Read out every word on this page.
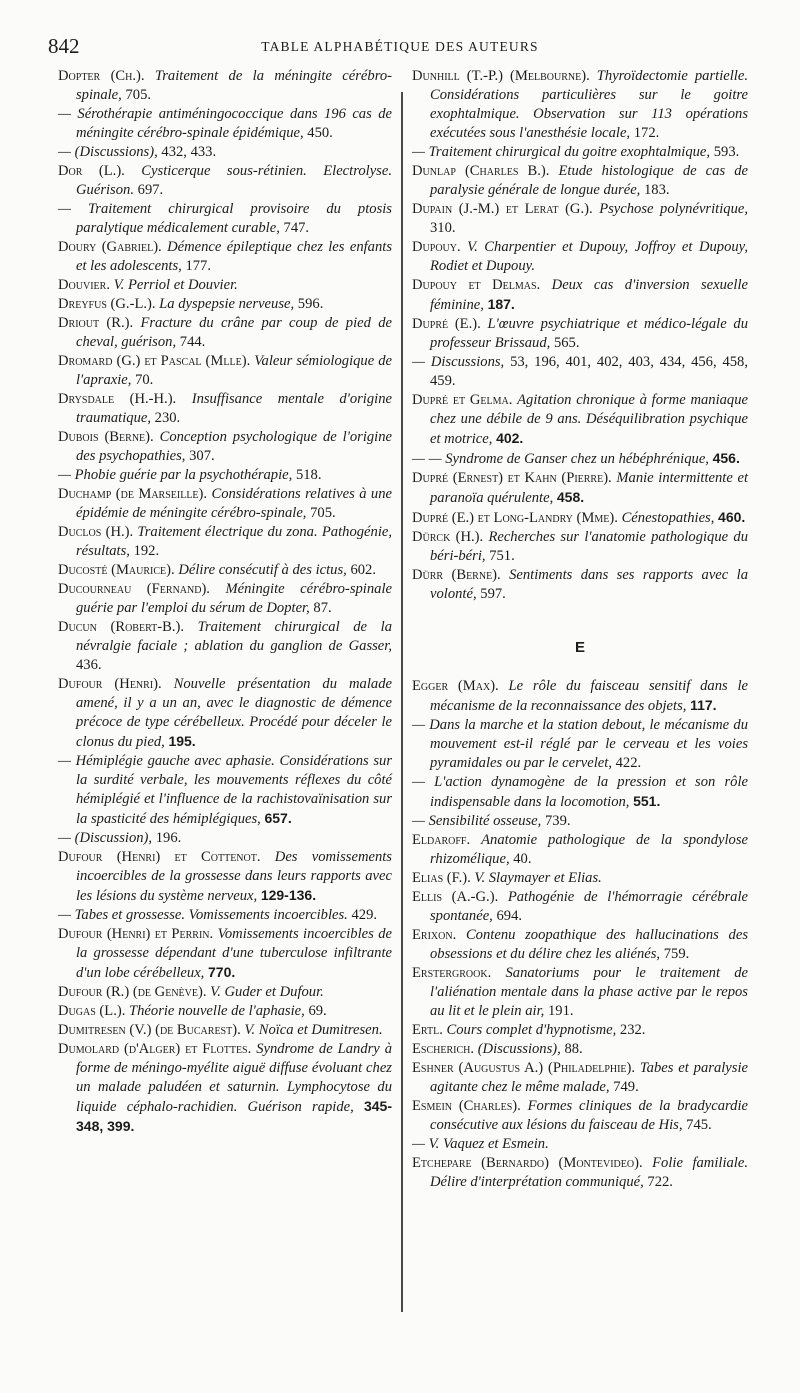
842	TABLE ALPHABÉTIQUE DES AUTEURS
Dopter (Ch.). Traitement de la méningite cérébro-spinale, 705.
— Sérothérapie antiméningococcique dans 196 cas de méningite cérébro-spinale épidémique, 450.
— (Discussions), 432, 433.
Dor (L.). Cysticerque sous-rétinien. Electrolyse. Guérison. 697.
— Traitement chirurgical provisoire du ptosis paralytique médicalement curable, 747.
Doury (Gabriel). Démence épileptique chez les enfants et les adolescents, 177.
Douvier. V. Perriol et Douvier.
Dreyfus (G.-L.). La dyspepsie nerveuse, 596.
Driout (R.). Fracture du crâne par coup de pied de cheval, guérison, 744.
Dromard (G.) et Pascal (Mlle). Valeur sémiologique de l'apraxie, 70.
Drysdale (H.-H.). Insuffisance mentale d'origine traumatique, 230.
Dubois (Berne). Conception psychologique de l'origine des psychopathies, 307.
— Phobie guérie par la psychothérapie, 518.
Duchamp (de Marseille). Considérations relatives à une épidémie de méningite cérébro-spinale, 705.
Duclos (H.). Traitement électrique du zona. Pathogénie, résultats, 192.
Ducosté (Maurice). Délire consécutif à des ictus, 602.
Ducourneau (Fernand). Méningite cérébro-spinale guérie par l'emploi du sérum de Dopter, 87.
Ducun (Robert-B.). Traitement chirurgical de la névralgie faciale ; ablation du ganglion de Gasser, 436.
Dufour (Henri). Nouvelle présentation du malade amené, il y a un an, avec le diagnostic de démence précoce de type cérébelleux. Procédé pour déceler le clonus du pied, 195.
— Hémiplégie gauche avec aphasie. Considérations sur la surdité verbale, les mouvements réflexes du côté hémiplégié et l'influence de la rachistovaïnisation sur la spasticité des hémiplégiques, 657.
— (Discussion), 196.
Dufour (Henri) et Cottenot. Des vomissements incoercibles de la grossesse dans leurs rapports avec les lésions du système nerveux, 129-136.
— Tabes et grossesse. Vomissements incoercibles. 429.
Dufour (Henri) et Perrin. Vomissements incoercibles de la grossesse dépendant d'une tuberculose infiltrante d'un lobe cérébelleux, 770.
Dufour (R.) (de Genève). V. Guder et Dufour.
Dugas (L.). Théorie nouvelle de l'aphasie, 69.
Dumitresen (V.) (de Bucarest). V. Noïca et Dumitresen.
Dumolard (d'Alger) et Flottes. Syndrome de Landry à forme de méningo-myélite aiguë diffuse évoluant chez un malade paludéen et saturnin. Lymphocytose du liquide céphalo-rachidien. Guérison rapide, 345-348, 399.
Dunhill (T.-P.) (Melbourne). Thyroïdectomie partielle. Considérations particulières sur le goitre exophtalmique. Observation sur 113 opérations exécutées sous l'anesthésie locale, 172.
— Traitement chirurgical du goitre exophtalmique, 593.
Dunlap (Charles B.). Etude histologique de cas de paralysie générale de longue durée, 183.
Dupain (J.-M.) et Lerat (G.). Psychose polynévritique, 310.
Dupouy. V. Charpentier et Dupouy, Joffroy et Dupouy, Rodiet et Dupouy.
Dupouy et Delmas. Deux cas d'inversion sexuelle féminine, 187.
Dupré (E.). L'œuvre psychiatrique et médico-légale du professeur Brissaud, 565.
— Discussions, 53, 196, 401, 402, 403, 434, 456, 458, 459.
Dupré et Gelma. Agitation chronique à forme maniaque chez une débile de 9 ans. Déséquilibration psychique et motrice, 402.
— — Syndrome de Ganser chez un hébéphrénique, 456.
Dupré (Ernest) et Kahn (Pierre). Manie intermittente et paranoïa quérulente, 458.
Dupré (E.) et Long-Landry (Mme). Cénestopathies, 460.
Dürck (H.). Recherches sur l'anatomie pathologique du béri-béri, 751.
Dürr (Berne). Sentiments dans ses rapports avec la volonté, 597.
E
Egger (Max). Le rôle du faisceau sensitif dans le mécanisme de la reconnaissance des objets, 117.
— Dans la marche et la station debout, le mécanisme du mouvement est-il réglé par le cerveau et les voies pyramidales ou par le cervelet, 422.
— L'action dynamogène de la pression et son rôle indispensable dans la locomotion, 551.
— Sensibilité osseuse, 739.
Eldaroff. Anatomie pathologique de la spondylose rhizomélique, 40.
Elias (F.). V. Slaymayer et Elias.
Ellis (A.-G.). Pathogénie de l'hémorragie cérébrale spontanée, 694.
Erixon. Contenu zoopathique des hallucinations des obsessions et du délire chez les aliénés, 759.
Erstergrook. Sanatoriums pour le traitement de l'aliénation mentale dans la phase active par le repos au lit et le plein air, 191.
Ertl. Cours complet d'hypnotisme, 232.
Escherich. (Discussions), 88.
Eshner (Augustus A.) (Philadelphie). Tabes et paralysie agitante chez le même malade, 749.
Esmein (Charles). Formes cliniques de la bradycardie consécutive aux lésions du faisceau de His, 745.
— V. Vaquez et Esmein.
Etchepare (Bernardo) (Montevideo). Folie familiale. Délire d'interprétation communiqué, 722.
